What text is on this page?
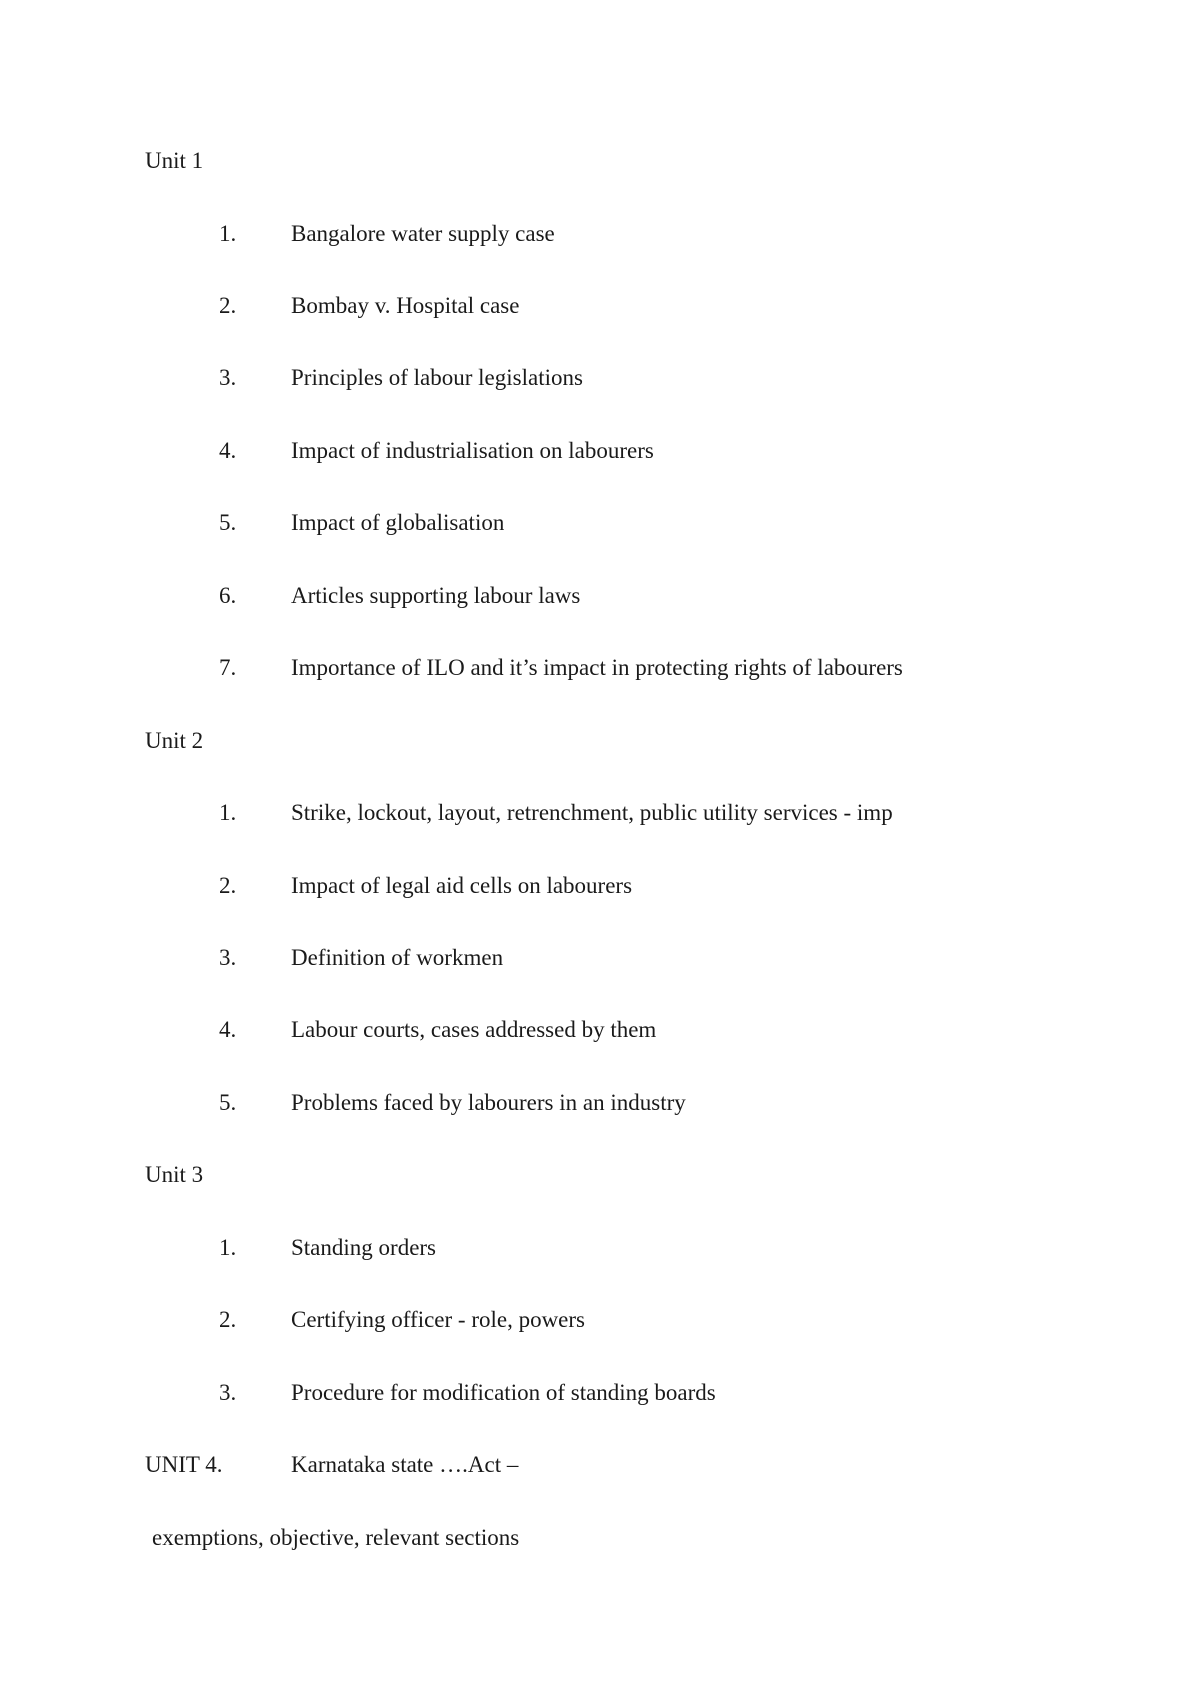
Unit 1
1. Bangalore water supply case
2. Bombay v. Hospital case
3. Principles of labour legislations
4. Impact of industrialisation on labourers
5. Impact of globalisation
6. Articles supporting labour laws
7. Importance of ILO and it’s impact in protecting rights of labourers
Unit 2
1. Strike, lockout, layout, retrenchment, public utility services - imp
2. Impact of legal aid cells on labourers
3. Definition of workmen
4. Labour courts, cases addressed by them
5. Problems faced by labourers in an industry
Unit 3
1. Standing orders
2. Certifying officer - role, powers
3. Procedure for modification of standing boards
UNIT 4.	Karnataka state ….Act –
exemptions, objective, relevant sections
